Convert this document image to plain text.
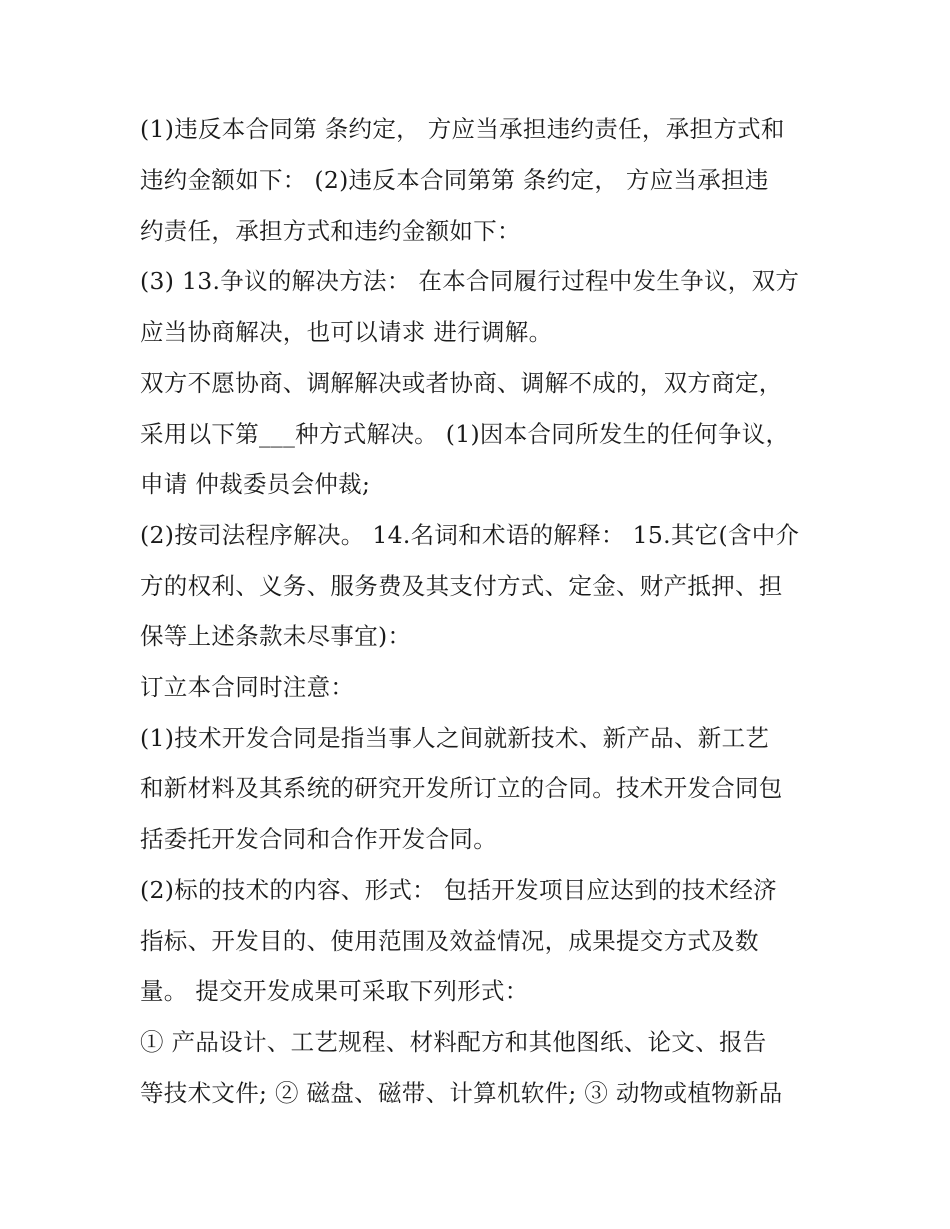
(1)违反本合同第 条约定， 方应当承担违约责任，承担方式和
违约金额如下： (2)违反本合同第第 条约定， 方应当承担违
约责任，承担方式和违约金额如下：
(3) 13.争议的解决方法： 在本合同履行过程中发生争议，双方
应当协商解决，也可以请求 进行调解。
双方不愿协商、调解解决或者协商、调解不成的，双方商定，
采用以下第___种方式解决。 (1)因本合同所发生的任何争议，
申请 仲裁委员会仲裁;
(2)按司法程序解决。 14.名词和术语的解释： 15.其它(含中介
方的权利、义务、服务费及其支付方式、定金、财产抵押、担
保等上述条款未尽事宜)：
订立本合同时注意：
(1)技术开发合同是指当事人之间就新技术、新产品、新工艺
和新材料及其系统的研究开发所订立的合同。技术开发合同包
括委托开发合同和合作开发合同。
(2)标的技术的内容、形式： 包括开发项目应达到的技术经济
指标、开发目的、使用范围及效益情况，成果提交方式及数
量。 提交开发成果可采取下列形式：
① 产品设计、工艺规程、材料配方和其他图纸、论文、报告
等技术文件; ② 磁盘、磁带、计算机软件; ③ 动物或植物新品
